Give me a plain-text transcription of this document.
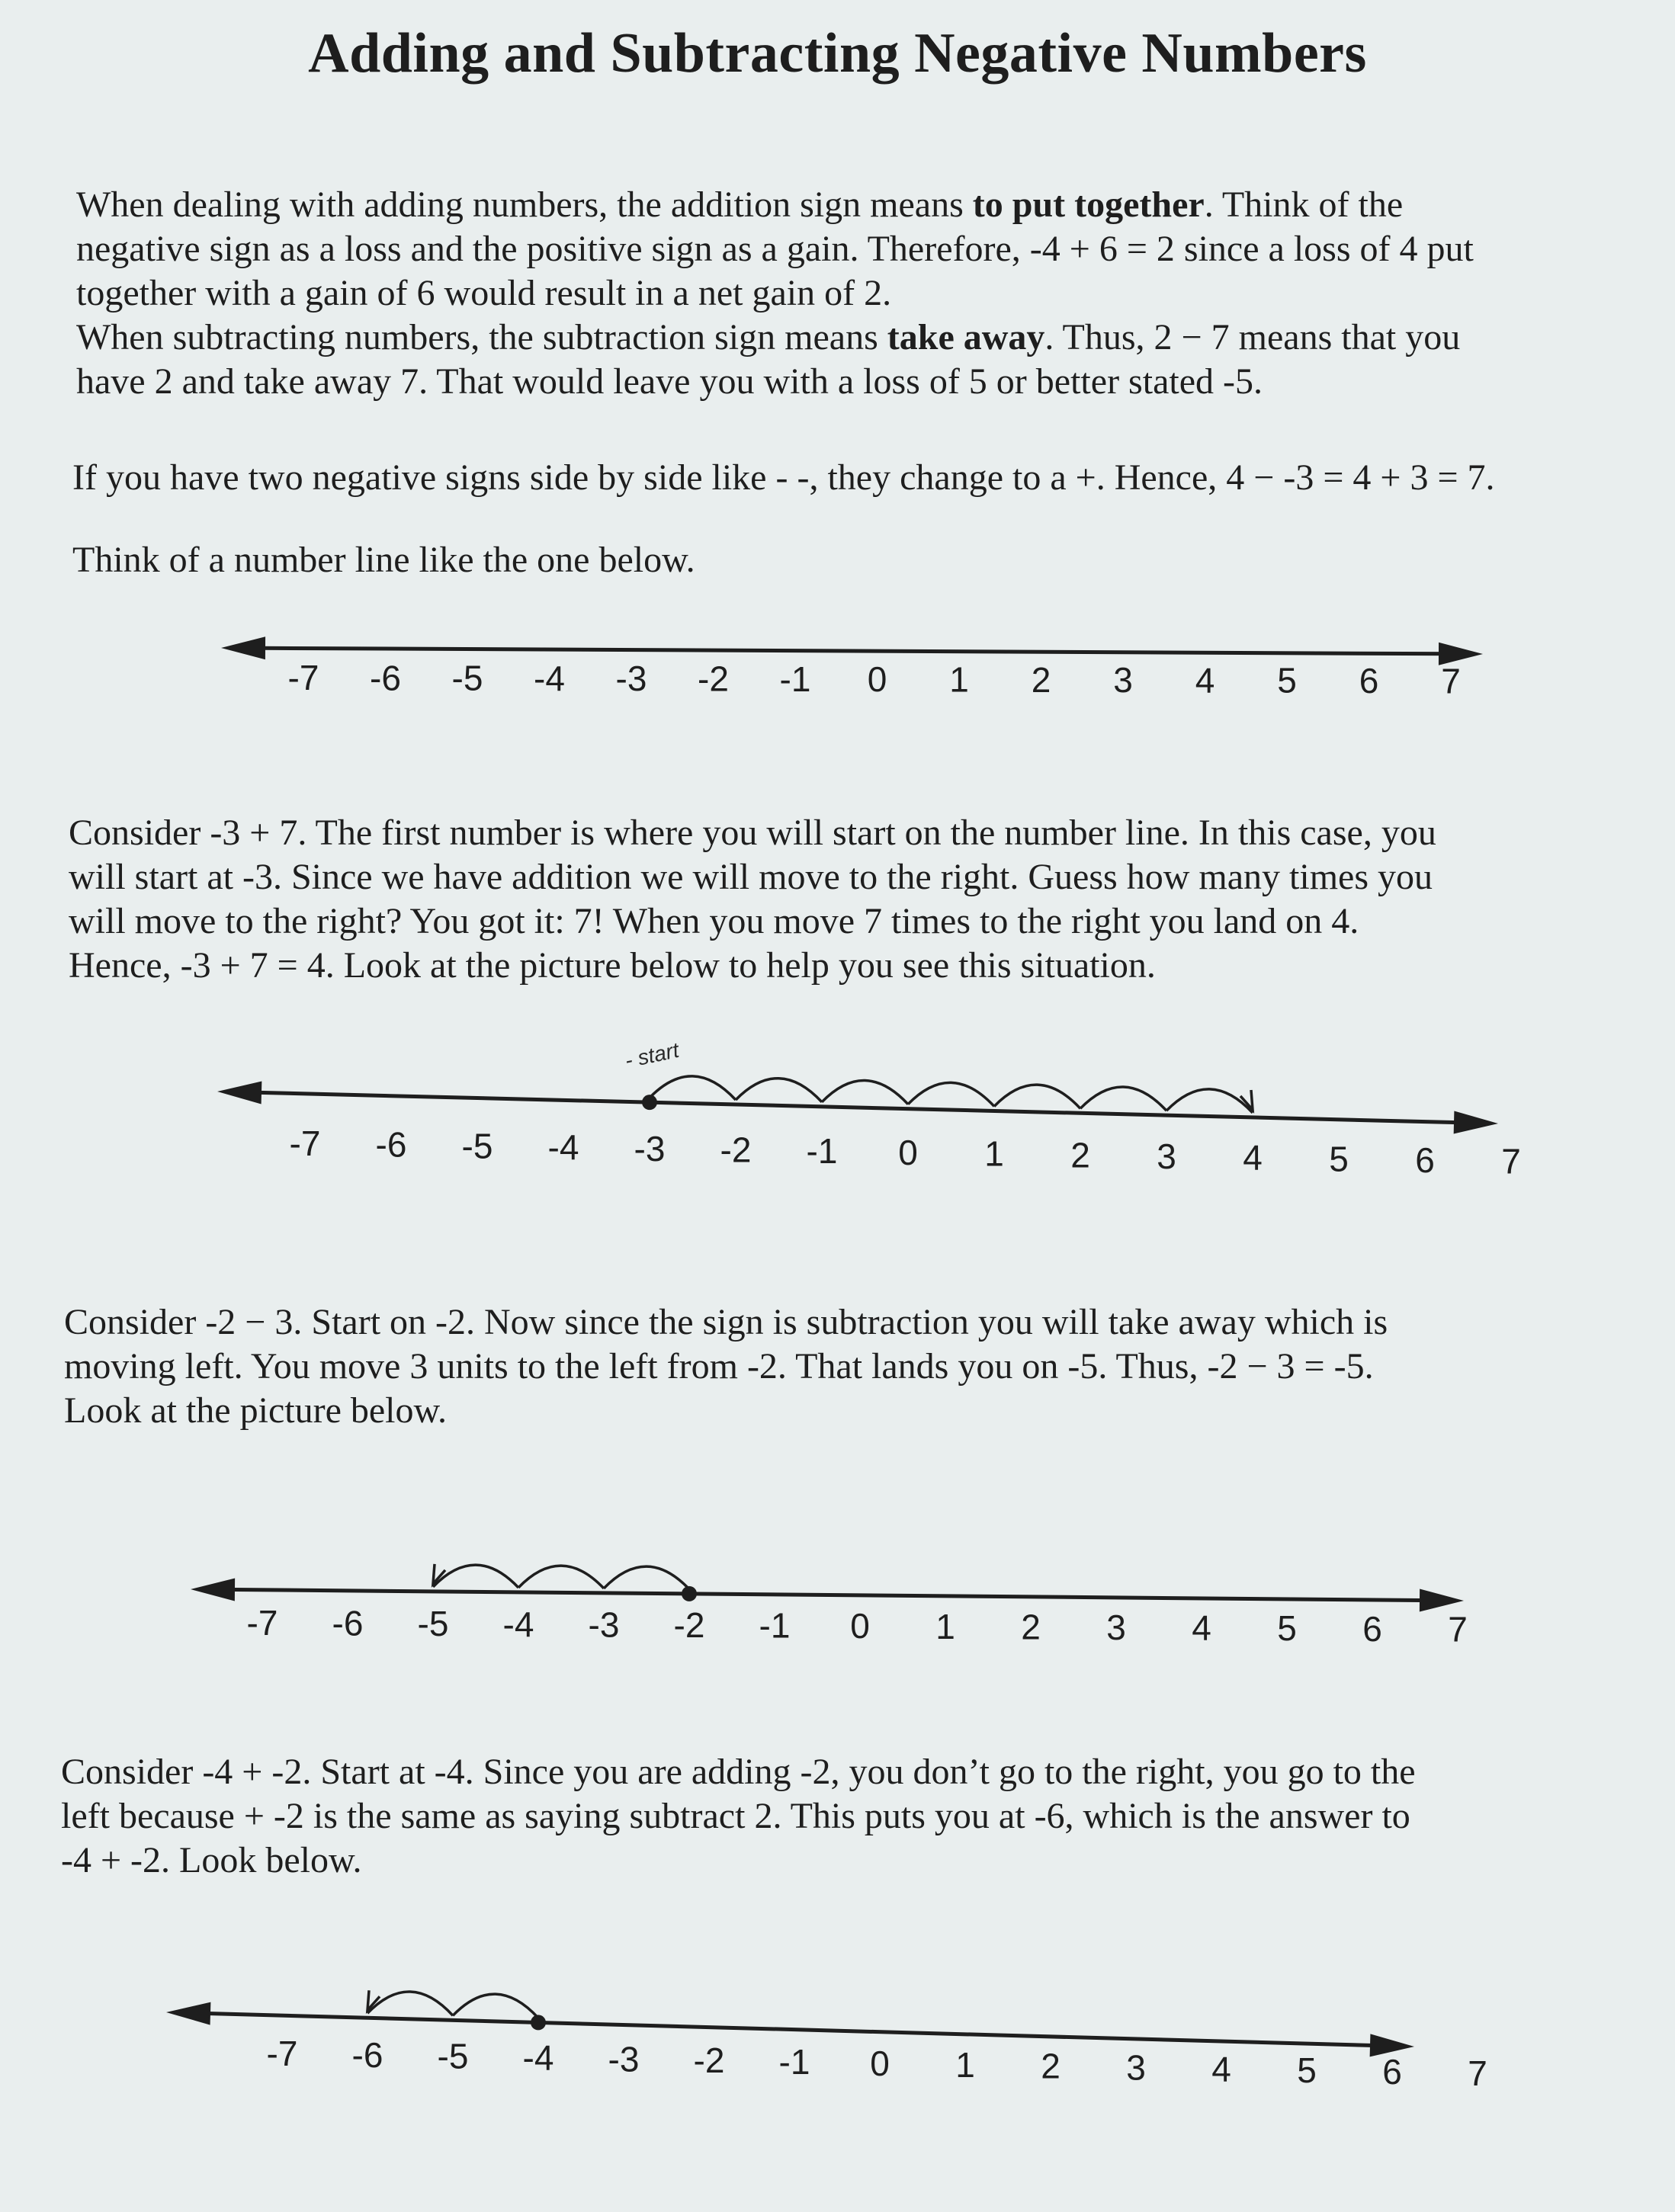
Adding and Subtracting Negative Numbers
When dealing with adding numbers, the addition sign means to put together. Think of the
negative sign as a loss and the positive sign as a gain. Therefore, -4 + 6 = 2 since a loss of 4 put
together with a gain of 6 would result in a net gain of 2.
When subtracting numbers, the subtraction sign means take away. Thus, 2 − 7 means that you
have 2 and take away 7. That would leave you with a loss of 5 or better stated -5.
If you have two negative signs side by side like - -, they change to a +. Hence, 4 − -3 = 4 + 3 = 7.
Think of a number line like the one below.
Consider -3 + 7. The first number is where you will start on the number line. In this case, you
will start at -3. Since we have addition we will move to the right. Guess how many times you
will move to the right? You got it: 7! When you move 7 times to the right you land on 4.
Hence, -3 + 7 = 4. Look at the picture below to help you see this situation.
Consider -2 − 3. Start on -2. Now since the sign is subtraction you will take away which is
moving left. You move 3 units to the left from -2. That lands you on -5. Thus, -2 − 3 = -5.
Look at the picture below.
Consider -4 + -2. Start at -4. Since you are adding -2, you don’t go to the right, you go to the
left because + -2 is the same as saying subtract 2. This puts you at -6, which is the answer to
-4 + -2. Look below.
-7 -6 -5 -4 -3 -2 -1 0 1 2 3 4 5 6 7
-7 -6 -5 -4 -3 -2 -1 0 1 2 3 4 5 6 7
- start
-7 -6 -5 -4 -3 -2 -1 0 1 2 3 4 5 6 7
-7 -6 -5 -4 -3 -2 -1 0 1 2 3 4 5 6 7
